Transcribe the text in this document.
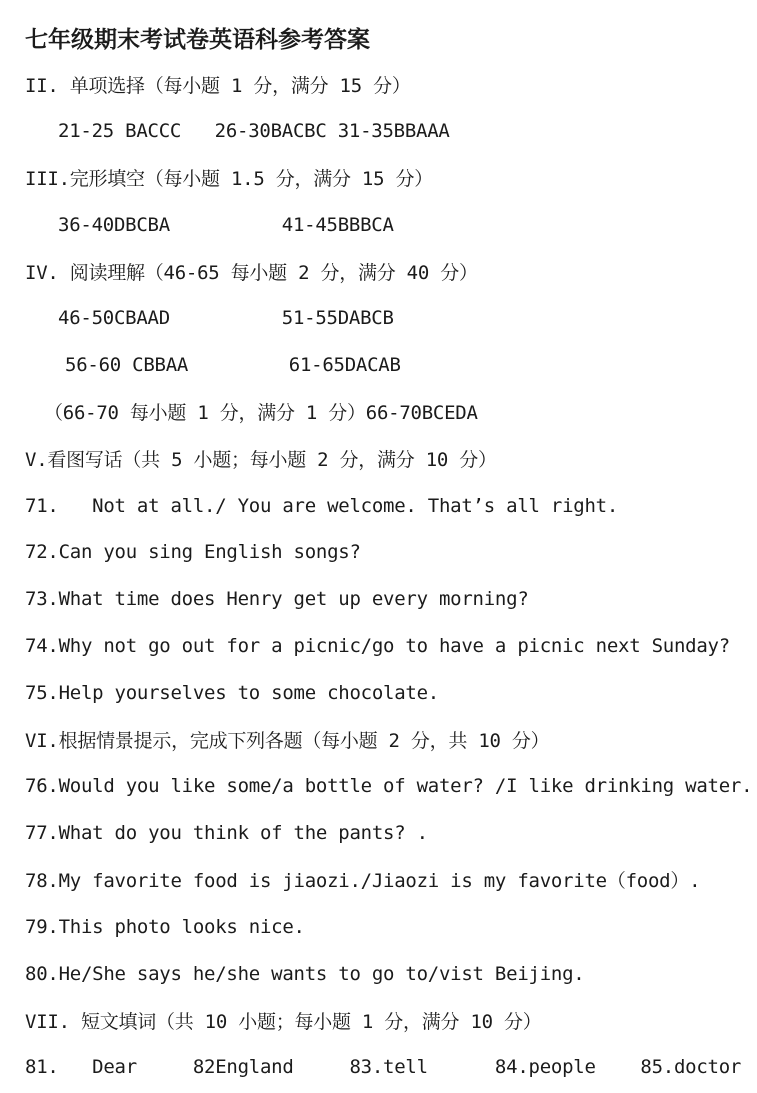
七年级期末考试卷英语科参考答案
II. 单项选择（每小题 1 分，满分 15 分）
21-25 BACCC   26-30BACBC 31-35BBAAA
III.完形填空（每小题 1.5 分，满分 15 分）
36-40DBCBA          41-45BBBCA
IV. 阅读理解（46-65 每小题 2 分，满分 40 分）
46-50CBAAD          51-55DABCB
56-60 CBBAA         61-65DACAB
（66-70 每小题 1 分，满分 1 分）66-70BCEDA
V.看图写话（共 5 小题；每小题 2 分，满分 10 分）
71.   Not at all./ You are welcome. That’s all right.
72.Can you sing English songs?
73.What time does Henry get up every morning?
74.Why not go out for a picnic/go to have a picnic next Sunday?
75.Help yourselves to some chocolate.
VI.根据情景提示，完成下列各题（每小题 2 分，共 10 分）
76.Would you like some/a bottle of water? /I like drinking water.
77.What do you think of the pants? .
78.My favorite food is jiaozi./Jiaozi is my favorite（food）.
79.This photo looks nice.
80.He/She says he/she wants to go to/vist Beijing.
VII. 短文填词（共 10 小题；每小题 1 分，满分 10 分）
81.   Dear     82England     83.tell      84.people    85.doctor
